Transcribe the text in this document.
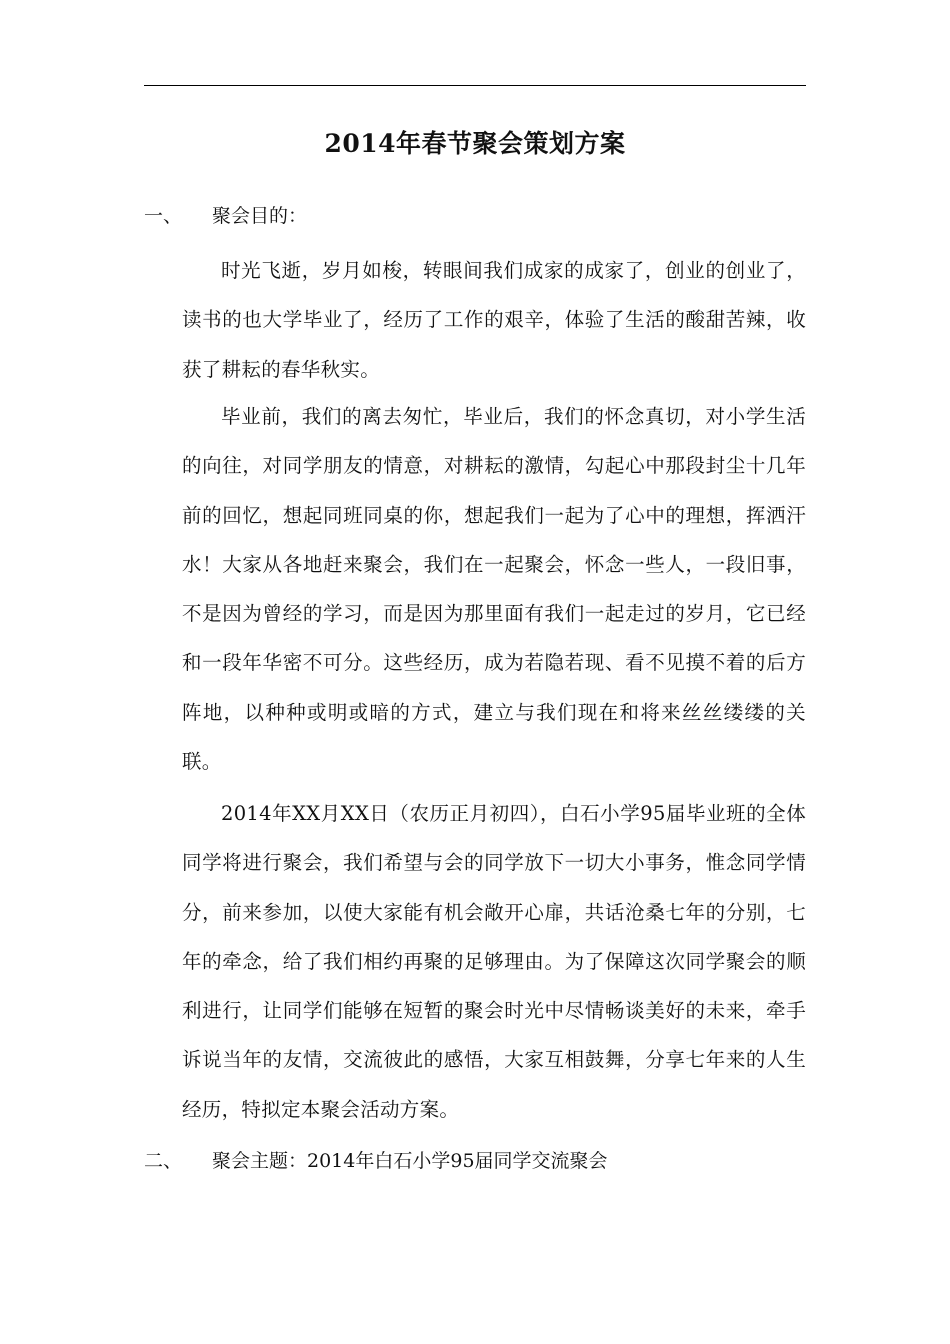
2014年春节聚会策划方案
一、 聚会目的：

时光飞逝，岁月如梭，转眼间我们成家的成家了，创业的创业了，读书的也大学毕业了，经历了工作的艰辛，体验了生活的酸甜苦辣，收获了耕耘的春华秋实。

毕业前，我们的离去匆忙，毕业后，我们的怀念真切，对小学生活的向往，对同学朋友的情意，对耕耘的激情，勾起心中那段封尘十几年前的回忆，想起同班同桌的你，想起我们一起为了心中的理想，挥洒汗水！大家从各地赶来聚会，我们在一起聚会，怀念一些人，一段旧事，不是因为曾经的学习，而是因为那里面有我们一起走过的岁月，它已经和一段年华密不可分。这些经历，成为若隐若现、看不见摸不着的后方阵地，以种种或明或暗的方式，建立与我们现在和将来丝丝缕缕的关联。

2014年XX月XX日（农历正月初四），白石小学95届毕业班的全体同学将进行聚会，我们希望与会的同学放下一切大小事务，惟念同学情分，前来参加，以使大家能有机会敞开心扉，共话沧桑七年的分别，七年的牵念，给了我们相约再聚的足够理由。为了保障这次同学聚会的顺利进行，让同学们能够在短暂的聚会时光中尽情畅谈美好的未来，牵手诉说当年的友情，交流彼此的感悟，大家互相鼓舞，分享七年来的人生经历，特拟定本聚会活动方案。

二、 聚会主题：2014年白石小学95届同学交流聚会
